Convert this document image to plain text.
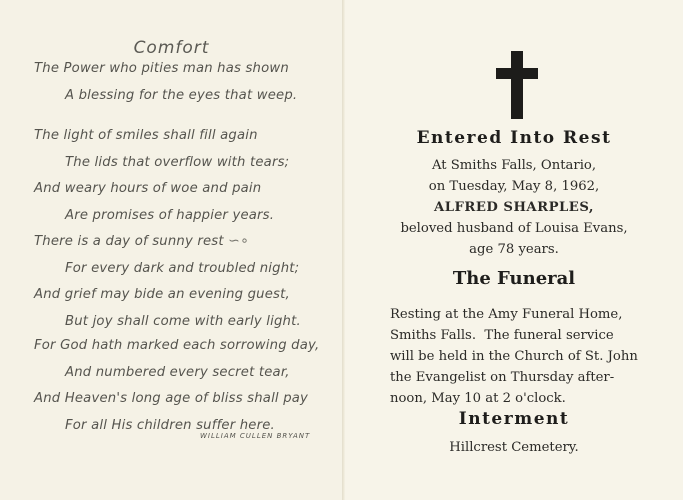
Comfort
The Power who pities man has shown
A blessing for the eyes that weep.
The light of smiles shall fill again
The lids that overflow with tears;
And weary hours of woe and pain
Are promises of happier years.
There is a day of sunny rest ∽∘
For every dark and troubled night;
And grief may bide an evening guest,
But joy shall come with early light.
For God hath marked each sorrowing day,
And numbered every secret tear,
And Heaven's long age of bliss shall pay
For all His children suffer here.
WILLIAM CULLEN BRYANT
Entered Into Rest
At Smiths Falls, Ontario,
on Tuesday, May 8, 1962,
ALFRED SHARPLES,
beloved husband of Louisa Evans,
age 78 years.
The Funeral
Resting at the Amy Funeral Home,
Smiths Falls.  The funeral service
will be held in the Church of St. John
the Evangelist on Thursday after-
noon, May 10 at 2 o'clock.
Interment
Hillcrest Cemetery.
